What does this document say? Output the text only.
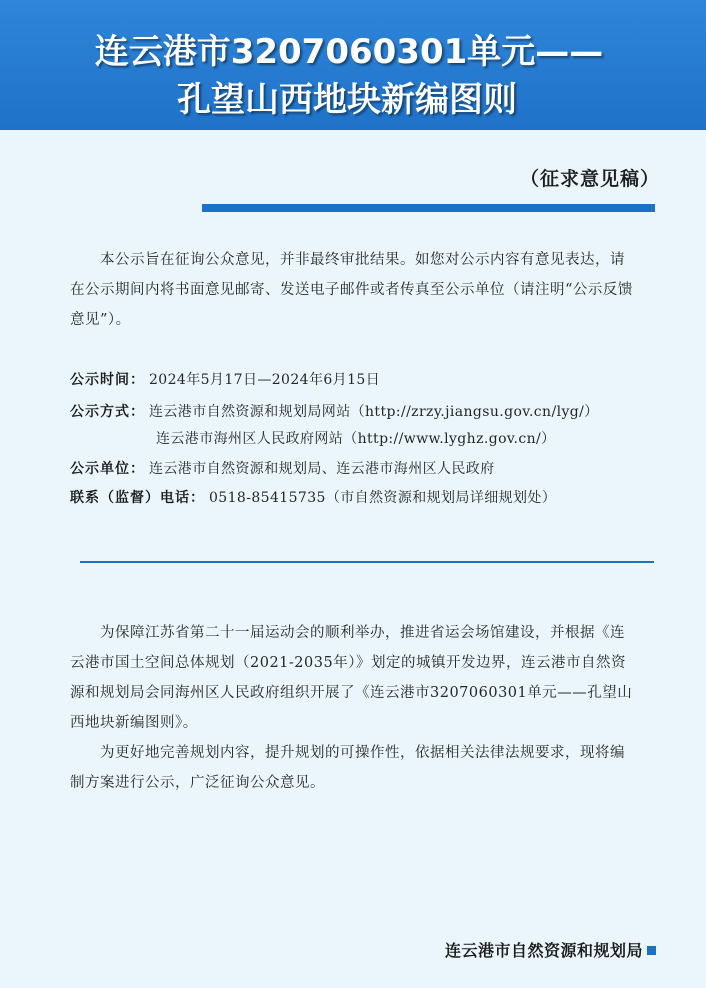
连云港市3207060301单元——
孔望山西地块新编图则
（征求意见稿）
本公示旨在征询公众意见，并非最终审批结果。如您对公示内容有意见表达，请在公示期间内将书面意见邮寄、发送电子邮件或者传真至公示单位（请注明“公示反馈意见”）。
公示时间： 2024年5月17日—2024年6月15日
公示方式： 连云港市自然资源和规划局网站（http://zrzy.jiangsu.gov.cn/lyg/）
连云港市海州区人民政府网站（http://www.lyghz.gov.cn/）
公示单位： 连云港市自然资源和规划局、连云港市海州区人民政府
联系（监督）电话： 0518-85415735（市自然资源和规划局详细规划处）
为保障江苏省第二十一届运动会的顺利举办，推进省运会场馆建设，并根据《连云港市国土空间总体规划（2021-2035年）》划定的城镇开发边界，连云港市自然资源和规划局会同海州区人民政府组织开展了《连云港市3207060301单元——孔望山西地块新编图则》。
为更好地完善规划内容，提升规划的可操作性，依据相关法律法规要求，现将编制方案进行公示，广泛征询公众意见。
连云港市自然资源和规划局
